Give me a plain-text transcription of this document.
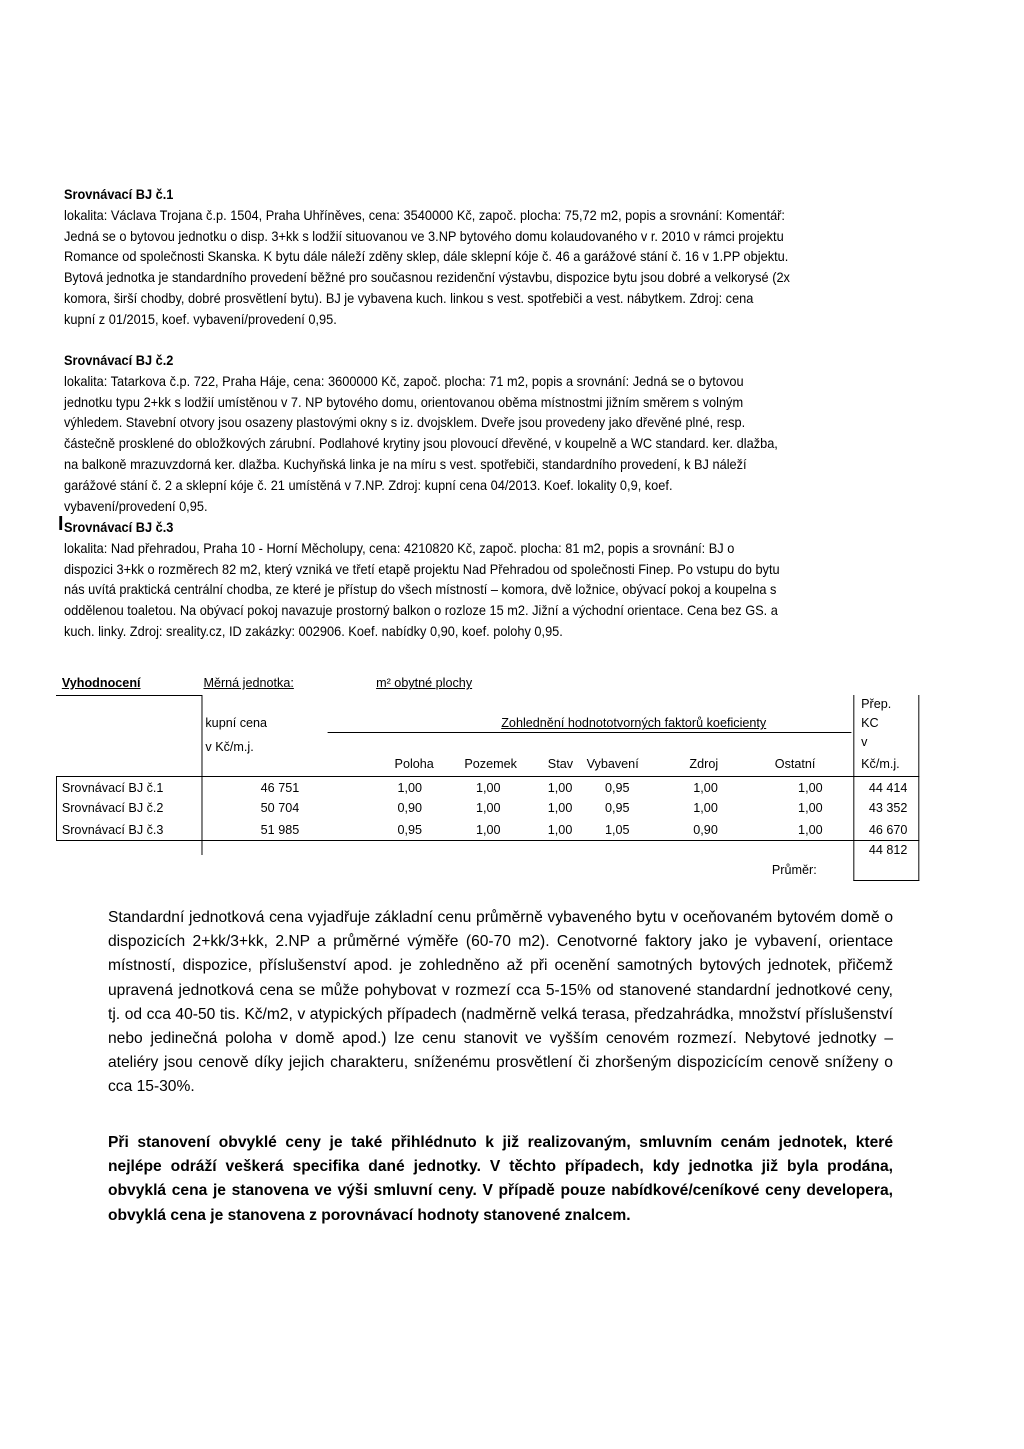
Srovnávací BJ č.1

lokalita: Václava Trojana č.p. 1504, Praha Uhříněves, cena: 3540000 Kč, započ. plocha: 75,72 m2, popis a srovnání: Komentář:

Jedná se o bytovou jednotku o disp. 3+kk s lodžií situovanou ve 3.NP bytového domu kolaudovaného v r. 2010 v rámci projektu

Romance od společnosti Skanska. K bytu dále náleží zděny sklep, dále sklepní kóje č. 46 a garážové stání č. 16 v 1.PP objektu.

Bytová jednotka je standardního provedení běžné pro současnou rezidenční výstavbu, dispozice bytu jsou dobré a velkorysé (2x

komora, širší chodby, dobré prosvětlení bytu). BJ je vybavena kuch. linkou s vest. spotřebiči a vest. nábytkem. Zdroj: cena

kupní z 01/2015, koef. vybavení/provedení 0,95.

Srovnávací BJ č.2

lokalita: Tatarkova č.p. 722, Praha Háje, cena: 3600000 Kč, započ. plocha: 71 m2, popis a srovnání: Jedná se o bytovou

jednotku typu 2+kk s lodžií umístěnou v 7. NP bytového domu, orientovanou oběma místnostmi jižním směrem s volným

výhledem. Stavební otvory jsou osazeny plastovými okny s iz. dvojsklem. Dveře jsou provedeny jako dřevěné plné, resp.

částečně prosklené do obložkových zárubní. Podlahové krytiny jsou plovoucí dřevěné, v koupelně a WC standard. ker. dlažba,

na balkoně mrazuvzdorná ker. dlažba. Kuchyňská linka je na míru s vest. spotřebiči, standardního provedení, k BJ náleží

garážové stání č. 2 a sklepní kóje č. 21 umístěná v 7.NP. Zdroj: kupní cena 04/2013. Koef. lokality 0,9, koef.

vybavení/provedení 0,95.

Srovnávací BJ č.3

lokalita: Nad přehradou, Praha 10 - Horní Měcholupy, cena: 4210820 Kč, započ. plocha: 81 m2, popis a srovnání: BJ o

dispozici 3+kk o rozměrech 82 m2, který vzniká ve třetí etapě projektu Nad Přehradou od společnosti Finep. Po vstupu do bytu

nás uvítá praktická centrální chodba, ze které je přístup do všech místností – komora, dvě ložnice, obývací pokoj a koupelna s

oddělenou toaletou. Na obývací pokoj navazuje prostorný balkon o rozloze 15 m2. Jižní a východní orientace. Cena bez GS. a

kuch. linky. Zdroj: sreality.cz, ID zakázky: 002906. Koef. nabídky 0,90, koef. polohy 0,95.

Vyhodnocení	Měrná jednotka:	m² obytné plochy
kupní cena
v Kč/m.j.
Zohlednění hodnototvorných faktorů koeficienty
Přep.
KC
v
Kč/m.j.
Poloha Pozemek Stav Vybavení	Zdroj	Ostatní
Srovnávací BJ č.1	46 751	1,00	1,00	1,00	0,95	1,00	1,00	44 414
Srovnávací BJ č.2	50 704	0,90	1,00	1,00	0,95	1,00	1,00	43 352
Srovnávací BJ č.3	51 985	0,95	1,00	1,00	1,05	0,90	1,00	46 670
Průměr:
44 812

Standardní jednotková cena vyjadřuje základní cenu průměrně vybaveného bytu v oceňovaném bytovém domě o dispozicích 2+kk/3+kk, 2.NP a průměrné výměře (60-70 m2). Cenotvorné faktory jako je vybavení, orientace místností, dispozice, příslušenství apod. je zohledněno až při ocenění samotných bytových jednotek, přičemž upravená jednotková cena se může pohybovat v rozmezí cca 5-15% od stanovené standardní jednotkové ceny, tj. od cca 40-50 tis. Kč/m2, v atypických případech (nadměrně velká terasa, předzahrádka, množství příslušenství nebo jedinečná poloha v domě apod.) lze cenu stanovit ve vyšším cenovém rozmezí. Nebytové jednotky – ateliéry jsou cenově díky jejich charakteru, sníženému prosvětlení či zhoršeným dispozicícím cenově sníženy o cca 15-30%.

Při stanovení obvyklé ceny je také přihlédnuto k již realizovaným, smluvním cenám jednotek, které nejlépe odráží veškerá specifika dané jednotky. V těchto případech, kdy jednotka již byla prodána, obvyklá cena je stanovena ve výši smluvní ceny. V případě pouze nabídkové/ceníkové ceny developera, obvyklá cena je stanovena z porovnávací hodnoty stanovené znalcem.
